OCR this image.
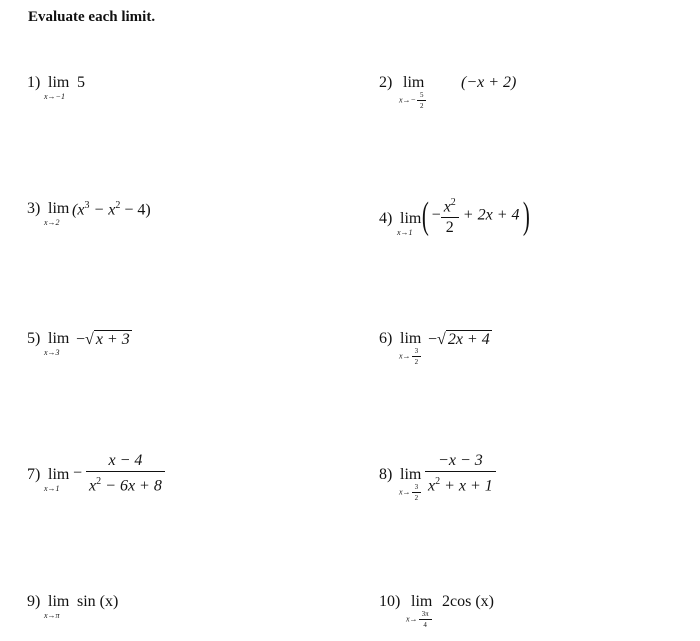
Evaluate each limit.
1) lim
x→−1
5	2) lim
$x\to- \frac{5}{2}$
(−x + 2)
3) lim
x→2
$(x^3 - x^2 - 4)$
4) lim
x→1 ( − $\frac{x^2}{2} + 2x + 4$)
5) lim
x→3
−√ x + 3	6) lim
$x\to \frac{3}{2}$
−√ 2x + 4
7) lim
x→1
− $\frac{x - 4}{x^2 - 6x + 8}$	8) lim
$x\to \frac{3}{2} \frac{-x - 3}{x^2 + x + 1}$
9) lim
x→π
sin (x)	10) lim
$x\to \frac{3\pi}{4}$
2cos (x)
